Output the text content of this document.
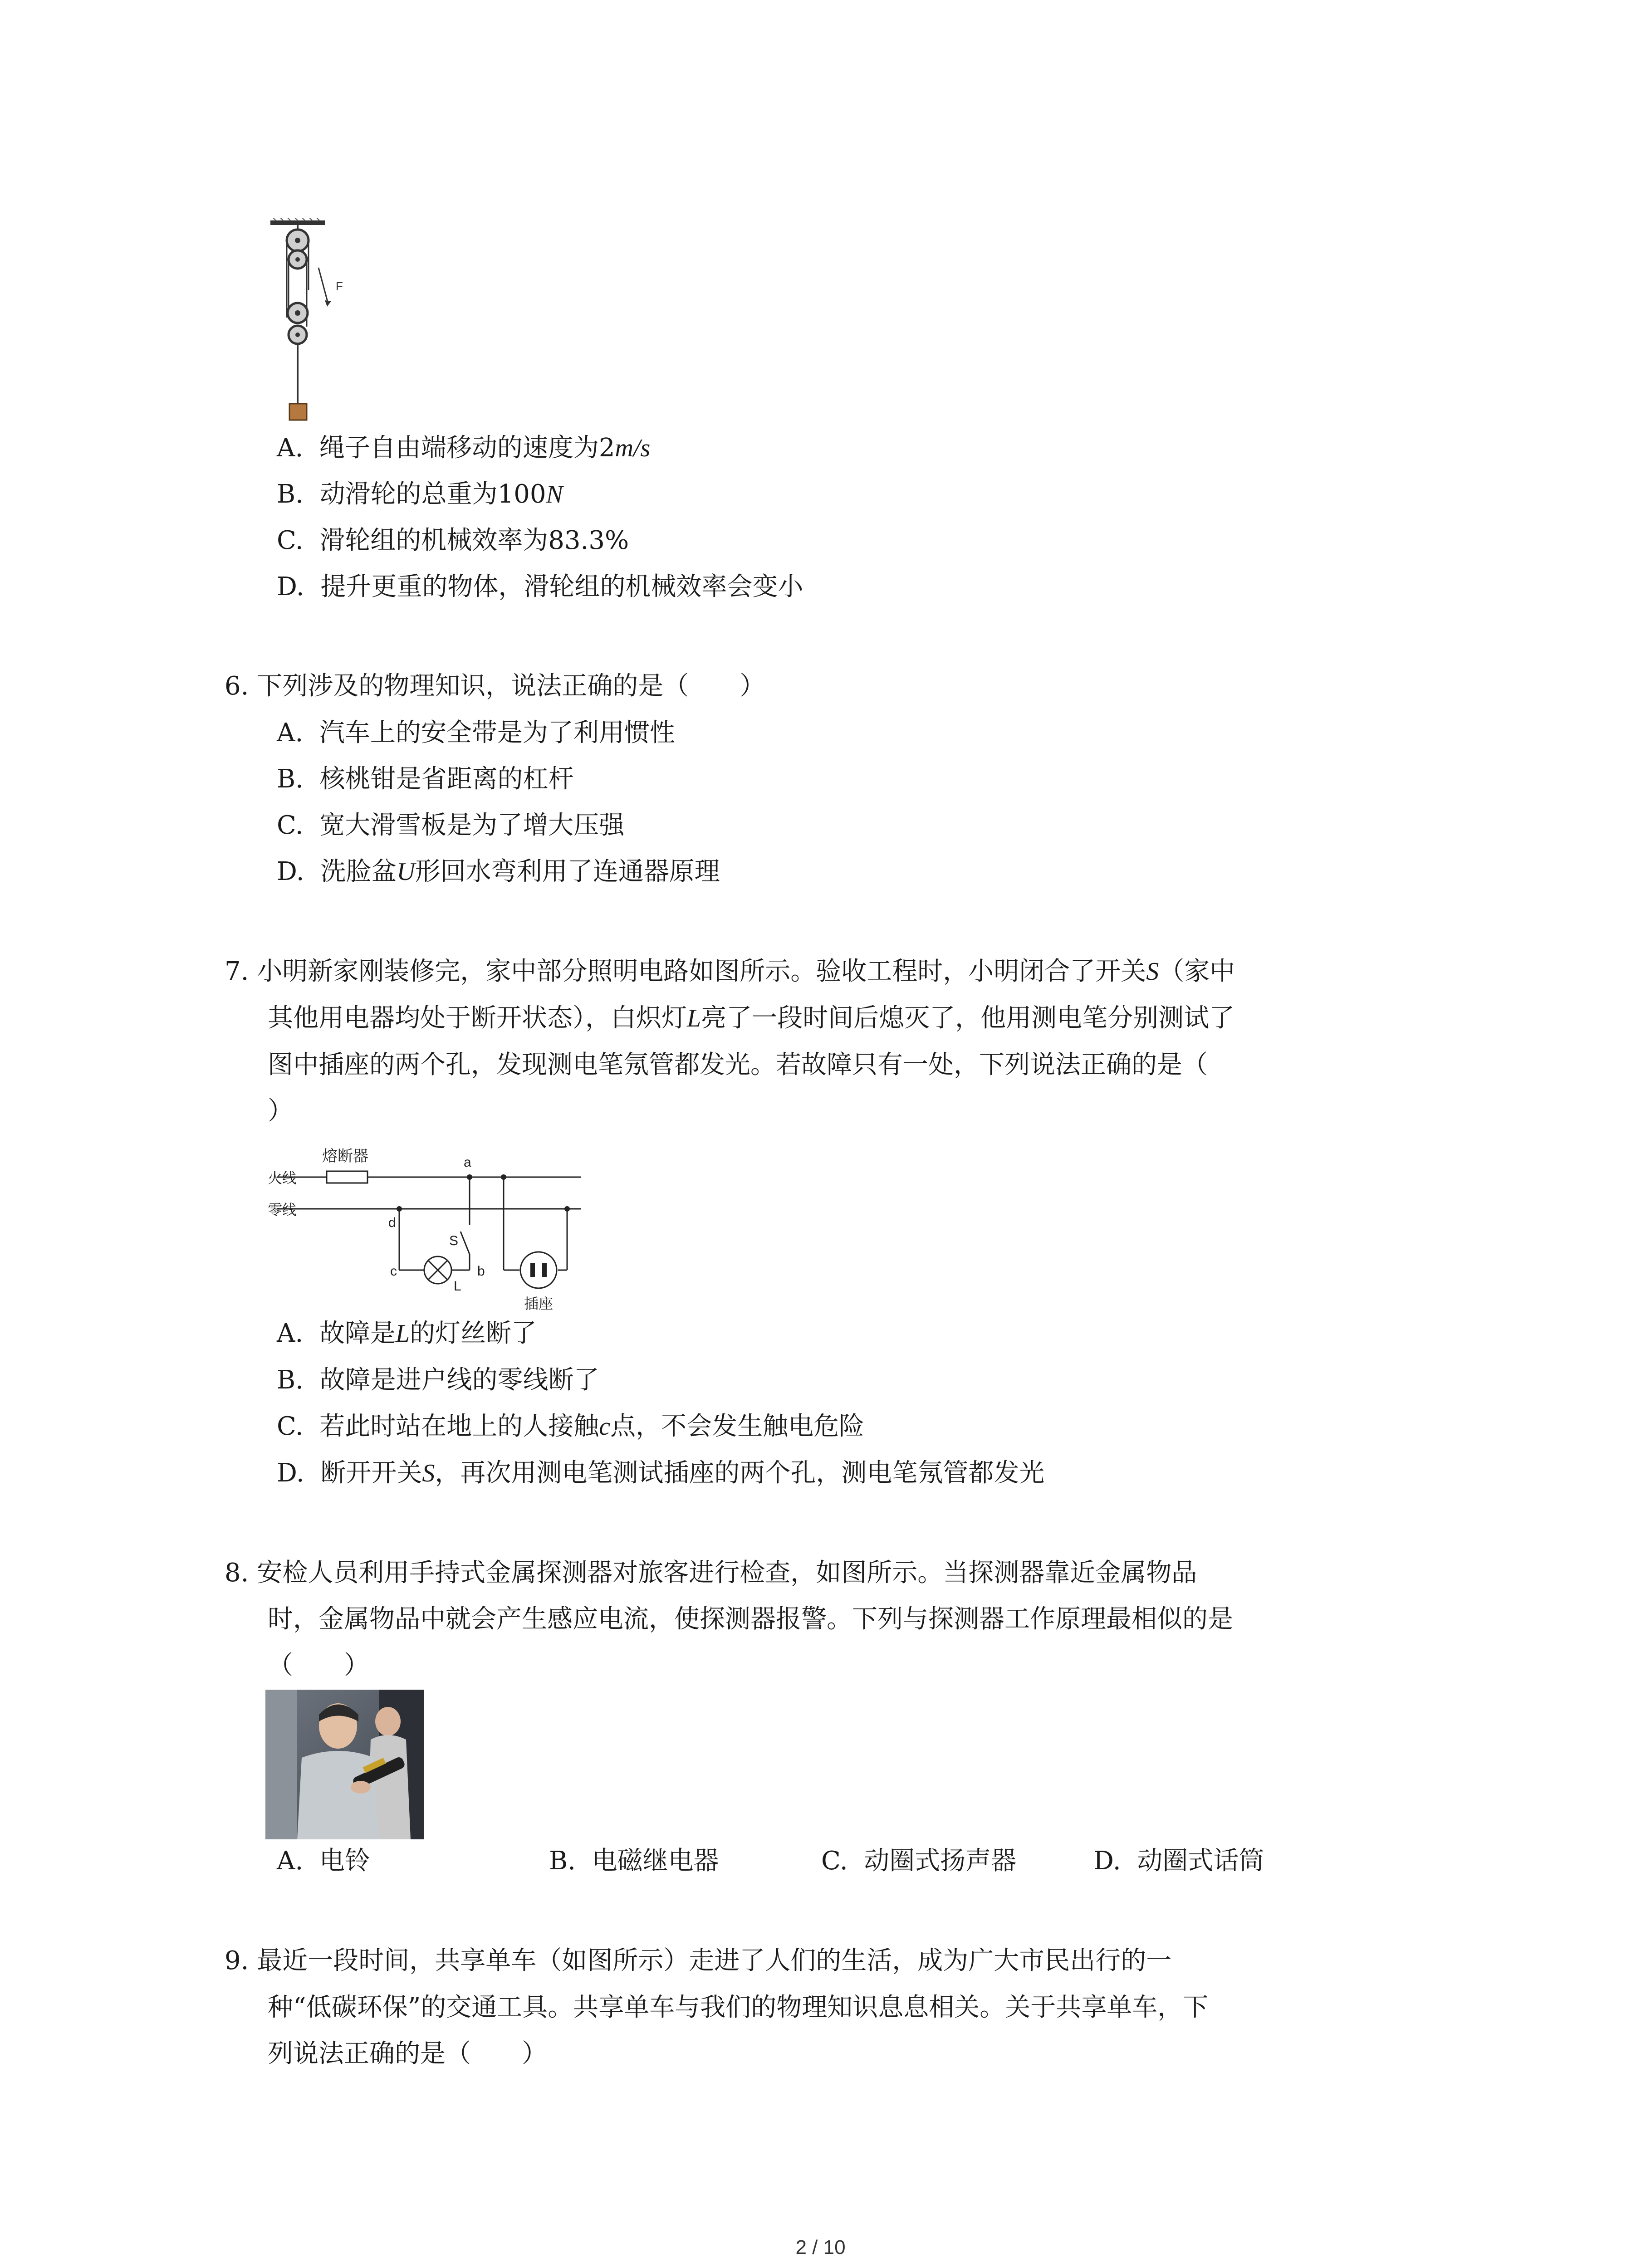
F
A. 绳子自由端移动的速度为2m/s
B. 动滑轮的总重为100N
C. 滑轮组的机械效率为83.3%
D. 提升更重的物体，滑轮组的机械效率会变小
6. 下列涉及的物理知识，说法正确的是（　　）
A. 汽车上的安全带是为了利用惯性
B. 核桃钳是省距离的杠杆
C. 宽大滑雪板是为了增大压强
D. 洗脸盆U形回水弯利用了连通器原理
7. 小明新家刚装修完，家中部分照明电路如图所示。验收工程时，小明闭合了开关S（家中
其他用电器均处于断开状态），白炽灯L亮了一段时间后熄灭了，他用测电笔分别测试了
图中插座的两个孔，发现测电笔氖管都发光。若故障只有一处，下列说法正确的是（
）
熔断器
火线
零线
a
b
c
d
S
L
插座
A. 故障是L的灯丝断了
B. 故障是进户线的零线断了
C. 若此时站在地上的人接触c点，不会发生触电危险
D. 断开开关S，再次用测电笔测试插座的两个孔，测电笔氖管都发光
8. 安检人员利用手持式金属探测器对旅客进行检查，如图所示。当探测器靠近金属物品
时，金属物品中就会产生感应电流，使探测器报警。下列与探测器工作原理最相似的是
（　　）
A. 电铃	B. 电磁继电器	C. 动圈式扬声器	D. 动圈式话筒
9. 最近一段时间，共享单车（如图所示）走进了人们的生活，成为广大市民出行的一
种“低碳环保”的交通工具。共享单车与我们的物理知识息息相关。关于共享单车，下
列说法正确的是（　　）
2 / 10
